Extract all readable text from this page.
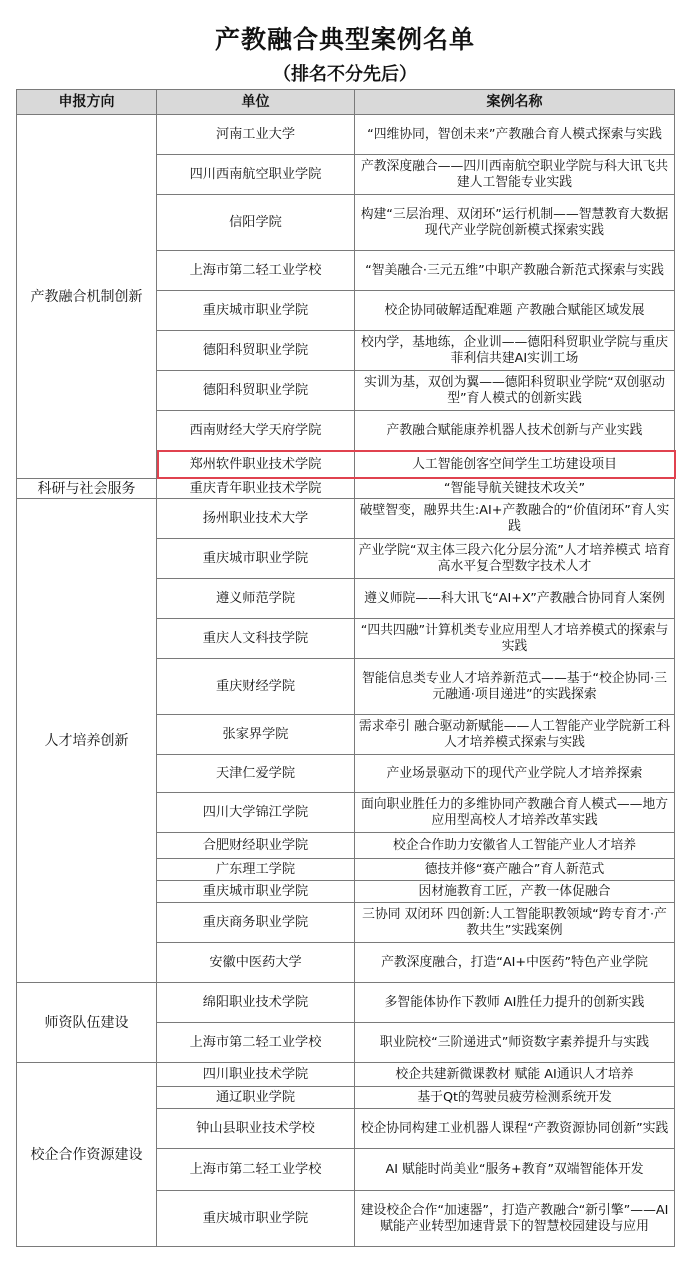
产教融合典型案例名单
（排名不分先后）
申报方向	单位	案例名称
产教融合机制创新	河南工业大学	“四维协同，智创未来”产教融合育人模式探索与实践
	四川西南航空职业学院	产教深度融合——四川西南航空职业学院与科大讯飞共建人工智能专业实践
	信阳学院	构建“三层治理、双闭环”运行机制——智慧教育大数据现代产业学院创新模式探索实践
	上海市第二轻工业学校	“智美融合·三元五维”中职产教融合新范式探索与实践
	重庆城市职业学院	校企协同破解适配难题 产教融合赋能区域发展
	德阳科贸职业学院	校内学，基地练，企业训——德阳科贸职业学院与重庆菲利信共建AI实训工场
	德阳科贸职业学院	实训为基，双创为翼——德阳科贸职业学院“双创驱动型”育人模式的创新实践
	西南财经大学天府学院	产教融合赋能康养机器人技术创新与产业实践
	郑州软件职业技术学院	人工智能创客空间学生工坊建设项目
科研与社会服务	重庆青年职业技术学院	“智能导航关键技术攻关”
人才培养创新	扬州职业技术大学	破壁智变，融界共生:AI+产教融合的“价值闭环”育人实践
	重庆城市职业学院	产业学院“双主体三段六化分层分流”人才培养模式 培育高水平复合型数字技术人才
	遵义师范学院	遵义师院——科大讯飞“AI+X”产教融合协同育人案例
	重庆人文科技学院	“四共四融”计算机类专业应用型人才培养模式的探索与实践
	重庆财经学院	智能信息类专业人才培养新范式——基于“校企协同·三元融通·项目递进”的实践探索
	张家界学院	需求牵引 融合驱动新赋能——人工智能产业学院新工科人才培养模式探索与实践
	天津仁爱学院	产业场景驱动下的现代产业学院人才培养探索
	四川大学锦江学院	面向职业胜任力的多维协同产教融合育人模式——地方应用型高校人才培养改革实践
	合肥财经职业学院	校企合作助力安徽省人工智能产业人才培养
	广东理工学院	德技并修“赛产融合”育人新范式
	重庆城市职业学院	因材施教育工匠，产教一体促融合
	重庆商务职业学院	三协同 双闭环 四创新:人工智能职教领域“跨专育才·产教共生”实践案例
	安徽中医药大学	产教深度融合，打造“AI+中医药”特色产业学院
师资队伍建设	绵阳职业技术学院	多智能体协作下教师 AI胜任力提升的创新实践
	上海市第二轻工业学校	职业院校“三阶递进式”师资数字素养提升与实践
校企合作资源建设	四川职业技术学院	校企共建新微课教材 赋能 AI通识人才培养
	通辽职业学院	基于Qt的驾驶员疲劳检测系统开发
	钟山县职业技术学校	校企协同构建工业机器人课程“产教资源协同创新”实践
	上海市第二轻工业学校	AI 赋能时尚美业“服务+教育”双端智能体开发
	重庆城市职业学院	建设校企合作“加速器”，打造产教融合“新引擎”——AI赋能产业转型加速背景下的智慧校园建设与应用
